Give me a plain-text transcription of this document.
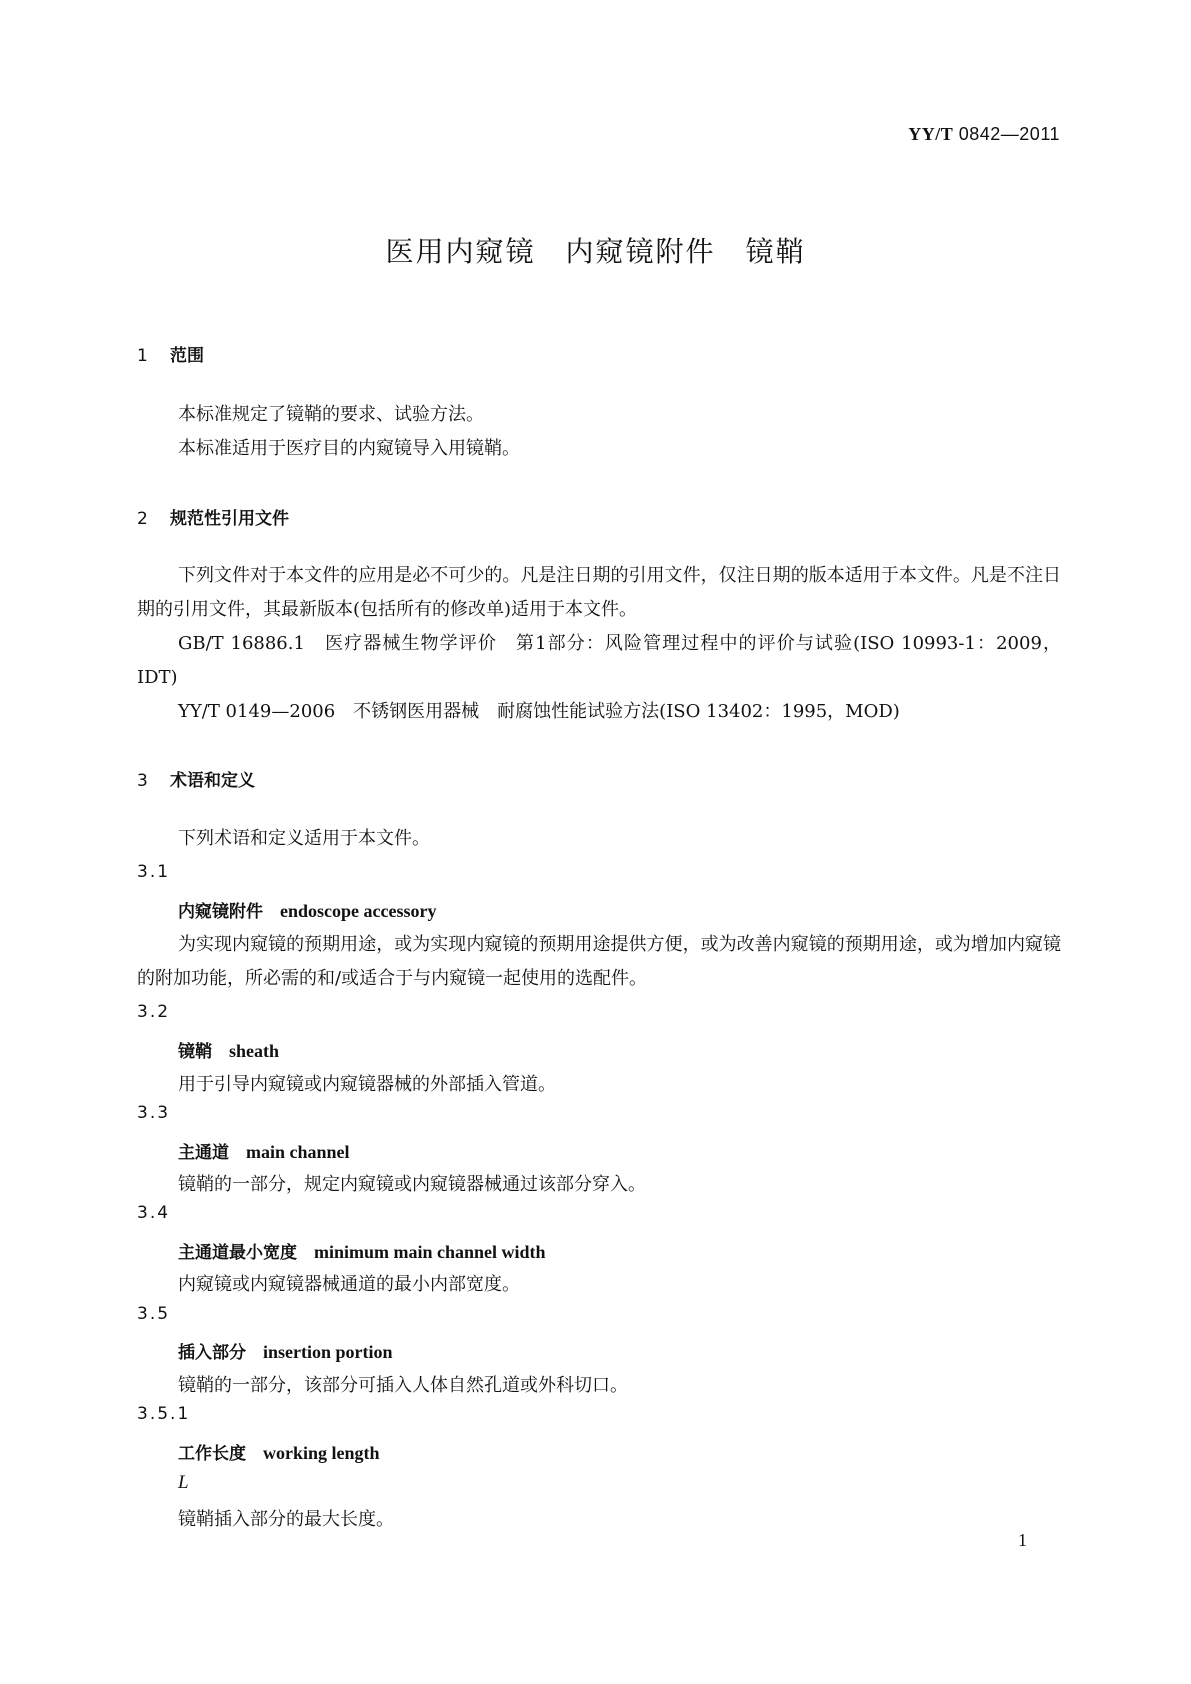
YY/T 0842—2011
医用内窥镜　内窥镜附件　镜鞘
1 范围
本标准规定了镜鞘的要求、试验方法。
本标准适用于医疗目的内窥镜导入用镜鞘。
2 规范性引用文件
下列文件对于本文件的应用是必不可少的。凡是注日期的引用文件，仅注日期的版本适用于本文件。凡是不注日期的引用文件，其最新版本(包括所有的修改单)适用于本文件。
GB/T 16886.1　医疗器械生物学评价　第1部分：风险管理过程中的评价与试验(ISO 10993-1：2009，IDT)
YY/T 0149—2006　不锈钢医用器械　耐腐蚀性能试验方法(ISO 13402：1995，MOD)
3 术语和定义
下列术语和定义适用于本文件。
3.1
内窥镜附件　 endoscope accessory
为实现内窥镜的预期用途，或为实现内窥镜的预期用途提供方便，或为改善内窥镜的预期用途，或为增加内窥镜的附加功能，所必需的和/或适合于与内窥镜一起使用的选配件。
3.2
镜鞘　 sheath
用于引导内窥镜或内窥镜器械的外部插入管道。
3.3
主通道　 main channel
镜鞘的一部分，规定内窥镜或内窥镜器械通过该部分穿入。
3.4
主通道最小宽度　 minimum main channel width
内窥镜或内窥镜器械通道的最小内部宽度。
3.5
插入部分　 insertion portion
镜鞘的一部分，该部分可插入人体自然孔道或外科切口。
3.5.1
工作长度　 working length
L
镜鞘插入部分的最大长度。
1
